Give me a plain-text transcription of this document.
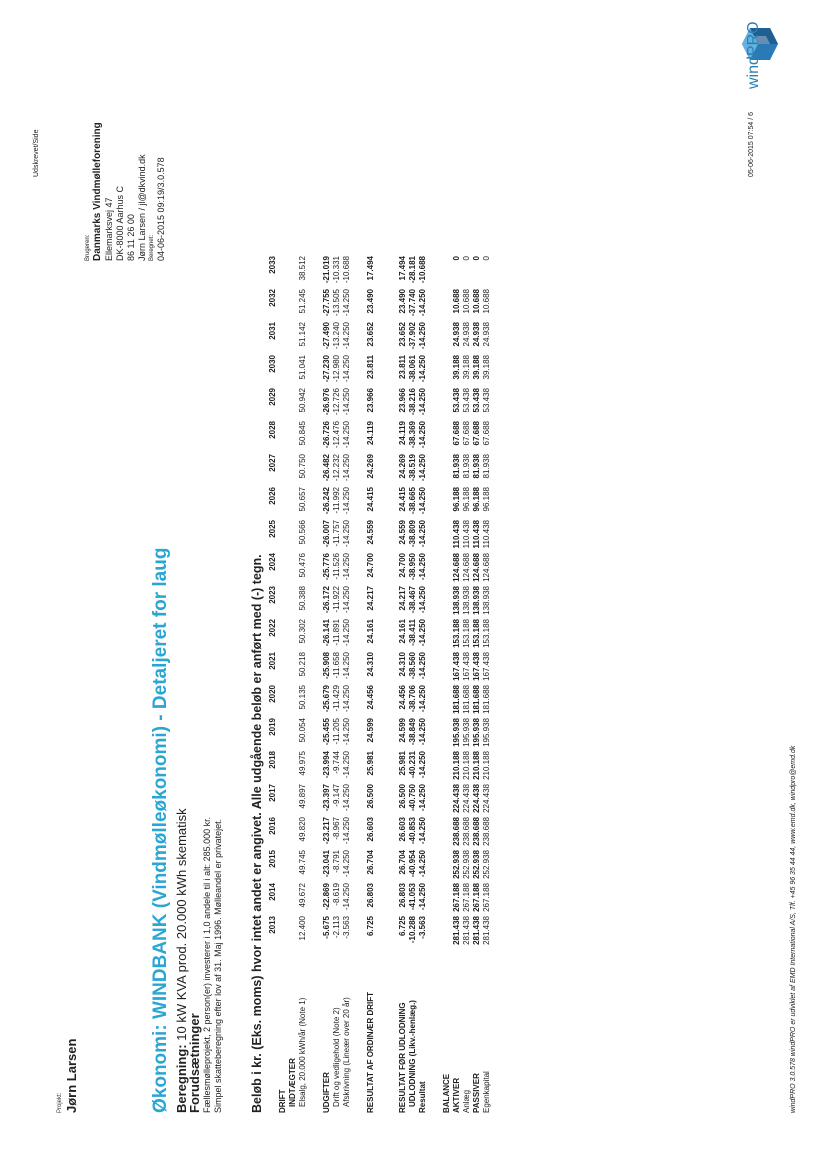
Projekt: Jørn Larsen
Udskrevet/Side	05-06-2015 07:54 / 6
Brugeren: Danmarks Vindmølleforening Ellemarksvej 47 DK-8000 Aarhus C 86 11 26 00 Jørn Larsen / jl@dkvind.dk Beregnet: 04-06-2015 09:19/3.0.578
windPRO
Økonomi: WINDBANK (Vindmølleøkonomi) - Detaljeret for laug Beregning: 10 kW KVA prod. 20.000 kWh skematisk
Forudsætninger Fællesmølleprojekt, 2 person(er) investerer i 1,0 andele til i alt: 285.000 kr. Simpel skatteberegning efter lov af 31. Maj 1996. Mølleandel er privatejet. Beløb i kr. (Eks. moms) hvor intet andet er angivet. Alle udgående beløb er anført med (-) tegn.
	2013	2014	2015	2016	2017	2018	2019	2020	2021	2022	2023	2024	2025	2026	2027	2028	2029	2030	2031	2032	2033
DRIFT																					
INDTÆGTER																					
Elsalg, 20.000 kWh/år (Note 1)	12.400	49.672	49.745	49.820	49.897	49.975	50.054	50.135	50.218	50.302	50.388	50.476	50.566	50.657	50.750	50.845	50.942	51.041	51.142	51.245	38.512

UDGIFTER	-5.675	-22.869	-23.041	-23.217	-23.397	-23.994	-25.455	-25.679	-25.908	-26.141	-26.172	-25.776	-26.007	-26.242	-26.482	-26.726	-26.976	-27.230	-27.490	-27.755	-21.019
Drift og vedligehold (Note 2)	-2.113	-8.619	-8.791	-8.967	-9.147	-9.744	-11.205	-11.429	-11.658	-11.891	-11.922	-11.526	-11.757	-11.992	-12.232	-12.476	-12.726	-12.980	-13.240	-13.505	-10.331
Afskrivning (Lineær over 20 år)	-3.563	-14.250	-14.250	-14.250	-14.250	-14.250	-14.250	-14.250	-14.250	-14.250	-14.250	-14.250	-14.250	-14.250	-14.250	-14.250	-14.250	-14.250	-14.250	-14.250	-10.688

RESULTAT AF ORDINÆR DRIFT	6.725	26.803	26.704	26.603	26.500	25.981	24.599	24.456	24.310	24.161	24.217	24.700	24.559	24.415	24.269	24.119	23.966	23.811	23.652	23.490	17.494

RESULTAT FØR UDLODNING	6.725	26.803	26.704	26.603	26.500	25.981	24.599	24.456	24.310	24.161	24.217	24.700	24.559	24.415	24.269	24.119	23.966	23.811	23.652	23.490	17.494
UDLODNING (Likv.-henlæg.)	-10.288	-41.053	-40.954	-40.853	-40.750	-40.231	-38.849	-38.706	-38.560	-38.411	-38.467	-38.950	-38.809	-38.665	-38.519	-38.369	-38.216	-38.061	-37.902	-37.740	-28.181
Resultat	-3.563	-14.250	-14.250	-14.250	-14.250	-14.250	-14.250	-14.250	-14.250	-14.250	-14.250	-14.250	-14.250	-14.250	-14.250	-14.250	-14.250	-14.250	-14.250	-14.250	-10.688

BALANCE																					
AKTIVER	281.438	267.188	252.938	238.688	224.438	210.188	195.938	181.688	167.438	153.188	138.938	124.688	110.438	96.188	81.938	67.688	53.438	39.188	24.938	10.688	0
Anlæg	281.438	267.188	252.938	238.688	224.438	210.188	195.938	181.688	167.438	153.188	138.938	124.688	110.438	96.188	81.938	67.688	53.438	39.188	24.938	10.688	0
PASSIVER	281.438	267.188	252.938	238.688	224.438	210.188	195.938	181.688	167.438	153.188	138.938	124.688	110.438	96.188	81.938	67.688	53.438	39.188	24.938	10.688	0
Egenkapital	281.438	267.188	252.938	238.688	224.438	210.188	195.938	181.688	167.438	153.188	138.938	124.688	110.438	96.188	81.938	67.688	53.438	39.188	24.938	10.688	0
windPRO 3.0.578 windPRO er udviklet af EMD International A/S, Tlf. +45 96 35 44 44, www.emd.dk, windpro@emd.dk
